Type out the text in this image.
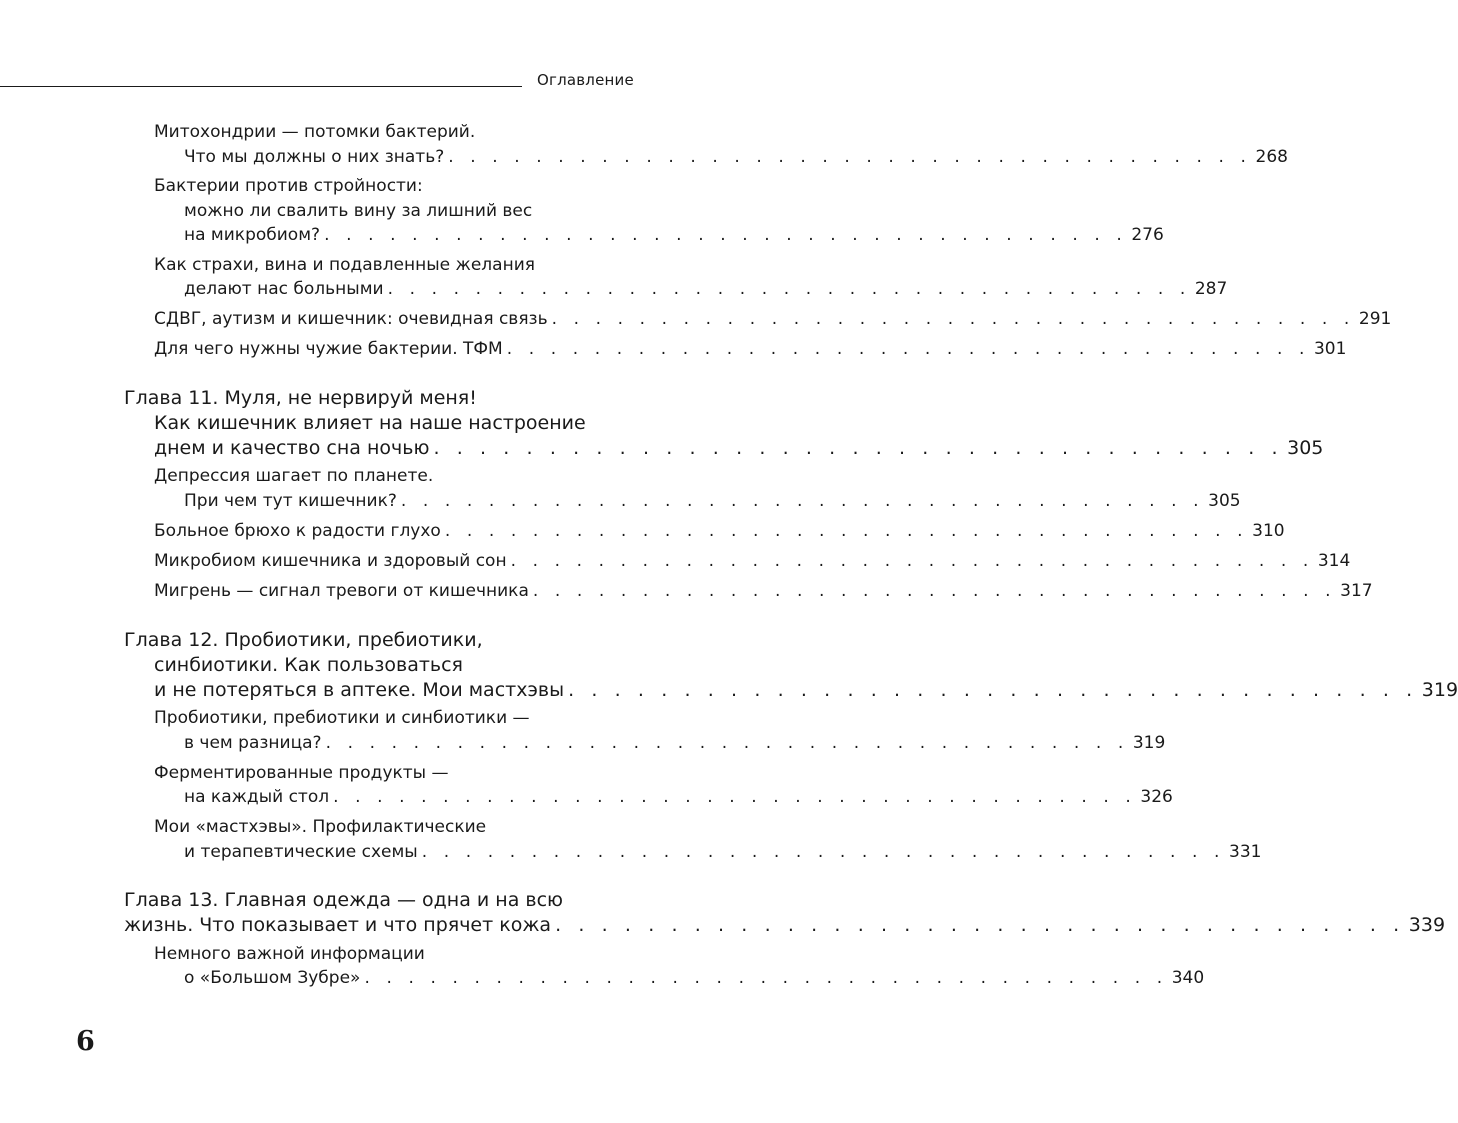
Оглавление
Митохондрии — потомки бактерий.
Что мы должны о них знать? . . . . . . . . . . . . . . . . . . . . . . . . . . . . . . . . . . . . . 268
Бактерии против стройности:
можно ли свалить вину за лишний вес
на микробиом? . . . . . . . . . . . . . . . . . . . . . . . . . . . . . . . . . . . . . 276
Как страхи, вина и подавленные желания
делают нас больными . . . . . . . . . . . . . . . . . . . . . . . . . . . . . . . . . . . . . 287
СДВГ, аутизм и кишечник: очевидная связь . . . . . . . . . . . . . . . . . . . . . . . . . . . . . . . . . . . . . 291
Для чего нужны чужие бактерии. ТФМ . . . . . . . . . . . . . . . . . . . . . . . . . . . . . . . . . . . . . 301
Глава 11. Муля, не нервируй меня!
Как кишечник влияет на наше настроение
днем и качество сна ночью . . . . . . . . . . . . . . . . . . . . . . . . . . . . . . . . . . . . . 305
Депрессия шагает по планете.
При чем тут кишечник? . . . . . . . . . . . . . . . . . . . . . . . . . . . . . . . . . . . . . 305
Больное брюхо к радости глухо . . . . . . . . . . . . . . . . . . . . . . . . . . . . . . . . . . . . . 310
Микробиом кишечника и здоровый сон . . . . . . . . . . . . . . . . . . . . . . . . . . . . . . . . . . . . . 314
Мигрень — сигнал тревоги от кишечника . . . . . . . . . . . . . . . . . . . . . . . . . . . . . . . . . . . . . 317
Глава 12. Пробиотики, пребиотики,
синбиотики. Как пользоваться
и не потеряться в аптеке. Мои мастхэвы . . . . . . . . . . . . . . . . . . . . . . . . . . . . . . . . . . . . . 319
Пробиотики, пребиотики и синбиотики —
в чем разница? . . . . . . . . . . . . . . . . . . . . . . . . . . . . . . . . . . . . . 319
Ферментированные продукты —
на каждый стол . . . . . . . . . . . . . . . . . . . . . . . . . . . . . . . . . . . . . 326
Мои «мастхэвы». Профилактические
и терапевтические схемы . . . . . . . . . . . . . . . . . . . . . . . . . . . . . . . . . . . . . 331
Глава 13. Главная одежда — одна и на всю
жизнь. Что показывает и что прячет кожа . . . . . . . . . . . . . . . . . . . . . . . . . . . . . . . . . . . . . 339
Немного важной информации
о «Большом Зубре» . . . . . . . . . . . . . . . . . . . . . . . . . . . . . . . . . . . . . 340
6
